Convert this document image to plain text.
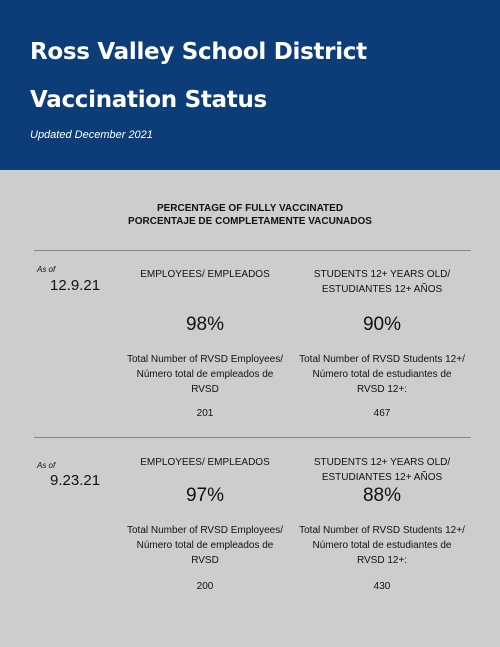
Ross Valley School District
Vaccination Status
Updated December 2021
PERCENTAGE OF FULLY VACCINATED
PORCENTAJE DE COMPLETAMENTE VACUNADOS
As of
12.9.21
EMPLOYEES/ EMPLEADOS
98%
Total Number of RVSD Employees/
Número total de empleados de
RVSD
201
STUDENTS 12+ YEARS OLD/
ESTUDIANTES 12+ AÑOS
90%
Total Number of RVSD Students 12+/
Número total de estudiantes de
RVSD 12+:
467
As of
9.23.21
EMPLOYEES/ EMPLEADOS
97%
Total Number of RVSD Employees/
Número total de empleados de
RVSD
200
STUDENTS 12+ YEARS OLD/
ESTUDIANTES 12+ AÑOS
88%
Total Number of RVSD Students 12+/
Número total de estudiantes de
RVSD 12+:
430
